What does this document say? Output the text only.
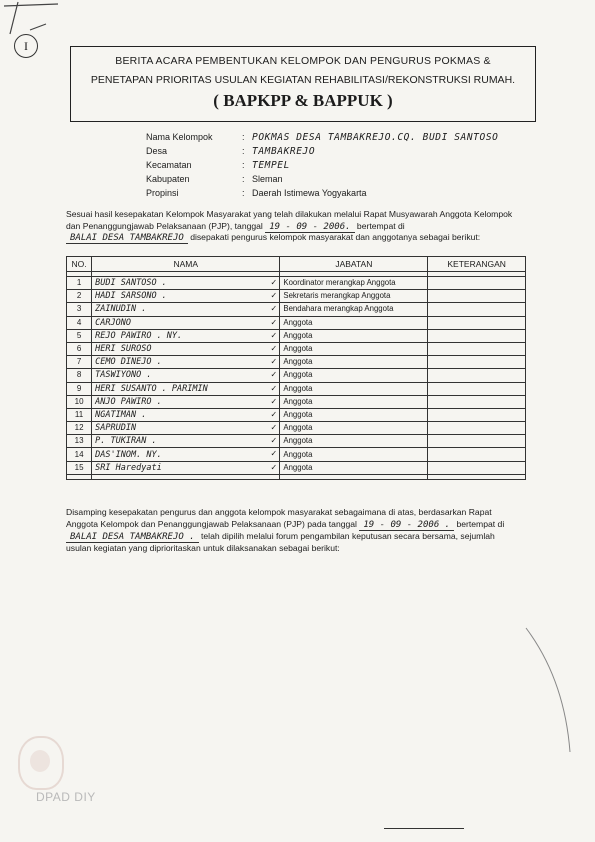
I
BERITA ACARA PEMBENTUKAN KELOMPOK DAN PENGURUS POKMAS &
PENETAPAN PRIORITAS USULAN KEGIATAN REHABILITASI/REKONSTRUKSI RUMAH.
( BAPKPP & BAPPUK )
Nama Kelompok	: POKMAS DESA TAMBAKREJO.CQ. BUDI SANTOSO
Desa	: TAMBAKREJO
Kecamatan	: TEMPEL
Kabupaten	: Sleman
Propinsi	: Daerah Istimewa Yogyakarta
Sesuai hasil kesepakatan Kelompok Masyarakat yang telah dilakukan melalui Rapat Musyawarah Anggota Kelompok
dan Penanggungjawab Pelaksanaan (PJP), tanggal 19 - 09 - 2006. bertempat di
BALAI DESA TAMBAKREJO disepakati pengurus kelompok masyarakat dan anggotanya sebagai berikut:
NO.	NAMA	JABATAN	KETERANGAN

1	BUDI SANTOSO . ✓	Koordinator merangkap Anggota	
2	HADI SARSONO . ✓	Sekretaris merangkap Anggota	
3	ZAINUDIN . ✓	Bendahara merangkap Anggota	
4	CARJONO ✓	Anggota	
5	REJO PAWIRO . NY. ✓	Anggota	
6	HERI SUROSO ✓	Anggota	
7	CEMO DINEJO . ✓	Anggota	
8	TASWIYONO . ✓	Anggota	
9	HERI SUSANTO . PARIMIN ✓	Anggota	
10	ANJO PAWIRO . ✓	Anggota	
11	NGATIMAN . ✓	Anggota	
12	SAPRUDIN ✓	Anggota	
13	P. TUKIRAN . ✓	Anggota	
14	DAS'INOM. NY. ✓	Anggota	
15	SRI Haredyati ✓	Anggota	

Disamping kesepakatan pengurus dan anggota kelompok masyarakat sebagaimana di atas, berdasarkan Rapat
Anggota Kelompok dan Penanggungjawab Pelaksanaan (PJP) pada tanggal 19 - 09 - 2006 . bertempat di
BALAI DESA TAMBAKREJO . telah dipilih melalui forum pengambilan keputusan secara bersama, sejumlah
usulan kegiatan yang diprioritaskan untuk dilaksanakan sebagai berikut:
DPAD DIY
